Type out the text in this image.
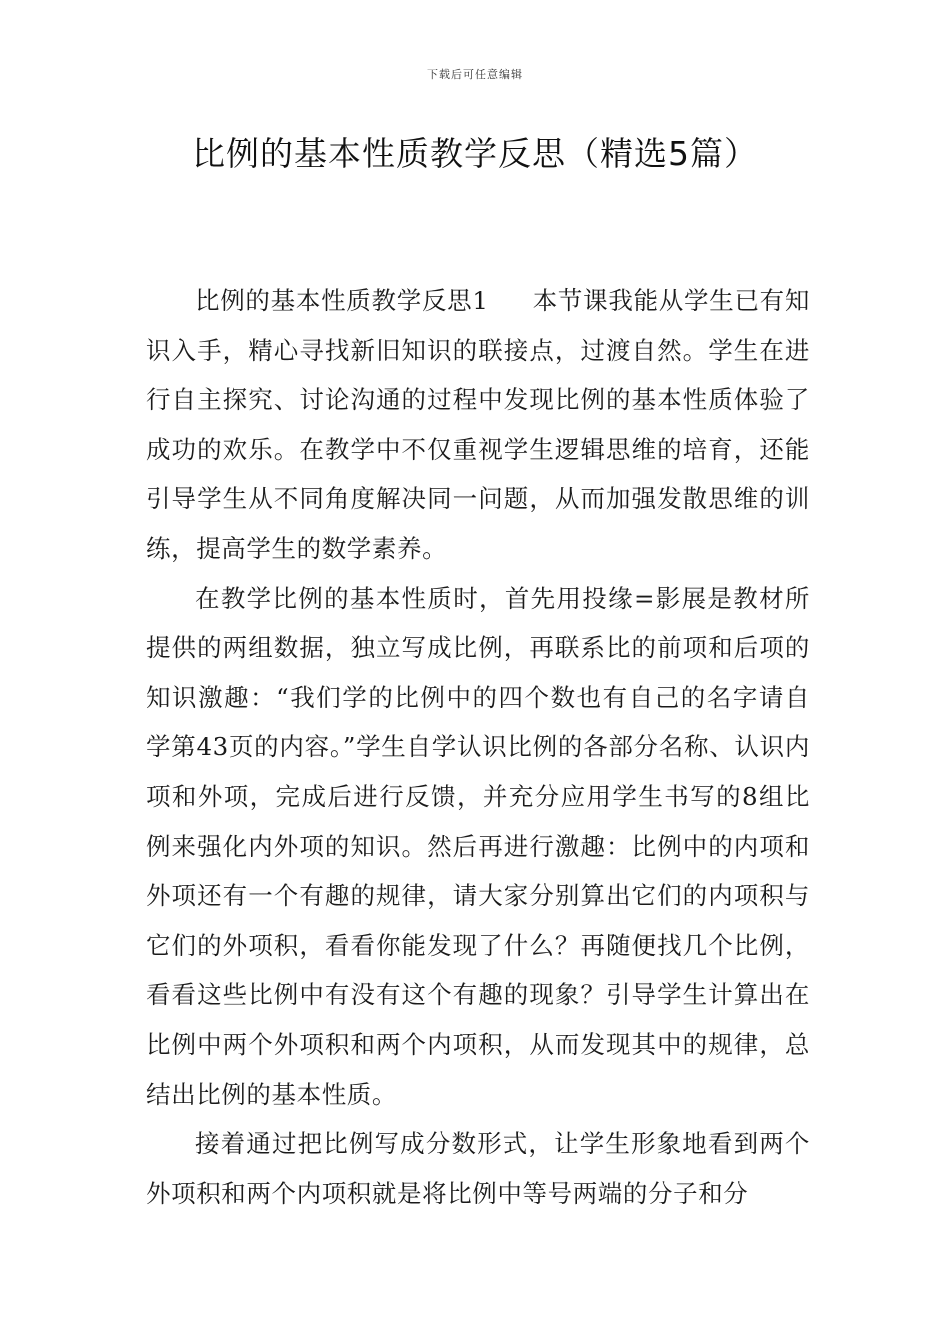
下载后可任意编辑
比例的基本性质教学反思（精选5篇）

比例的基本性质教学反思1 本节课我能从学生已有知识入手，精心寻找新旧知识的联接点，过渡自然。学生在进行自主探究、讨论沟通的过程中发现比例的基本性质体验了成功的欢乐。在教学中不仅重视学生逻辑思维的培育，还能引导学生从不同角度解决同一问题，从而加强发散思维的训练，提高学生的数学素养。

在教学比例的基本性质时，首先用投缘=影展是教材所提供的两组数据，独立写成比例，再联系比的前项和后项的知识激趣：“我们学的比例中的四个数也有自己的名字请自学第43页的内容。”学生自学认识比例的各部分名称、认识内项和外项，完成后进行反馈，并充分应用学生书写的8组比例来强化内外项的知识。然后再进行激趣：比例中的内项和外项还有一个有趣的规律，请大家分别算出它们的内项积与它们的外项积，看看你能发现了什么？再随便找几个比例，看看这些比例中有没有这个有趣的现象？引导学生计算出在比例中两个外项积和两个内项积，从而发现其中的规律，总结出比例的基本性质。

接着通过把比例写成分数形式，让学生形象地看到两个外项积和两个内项积就是将比例中等号两端的分子和分
